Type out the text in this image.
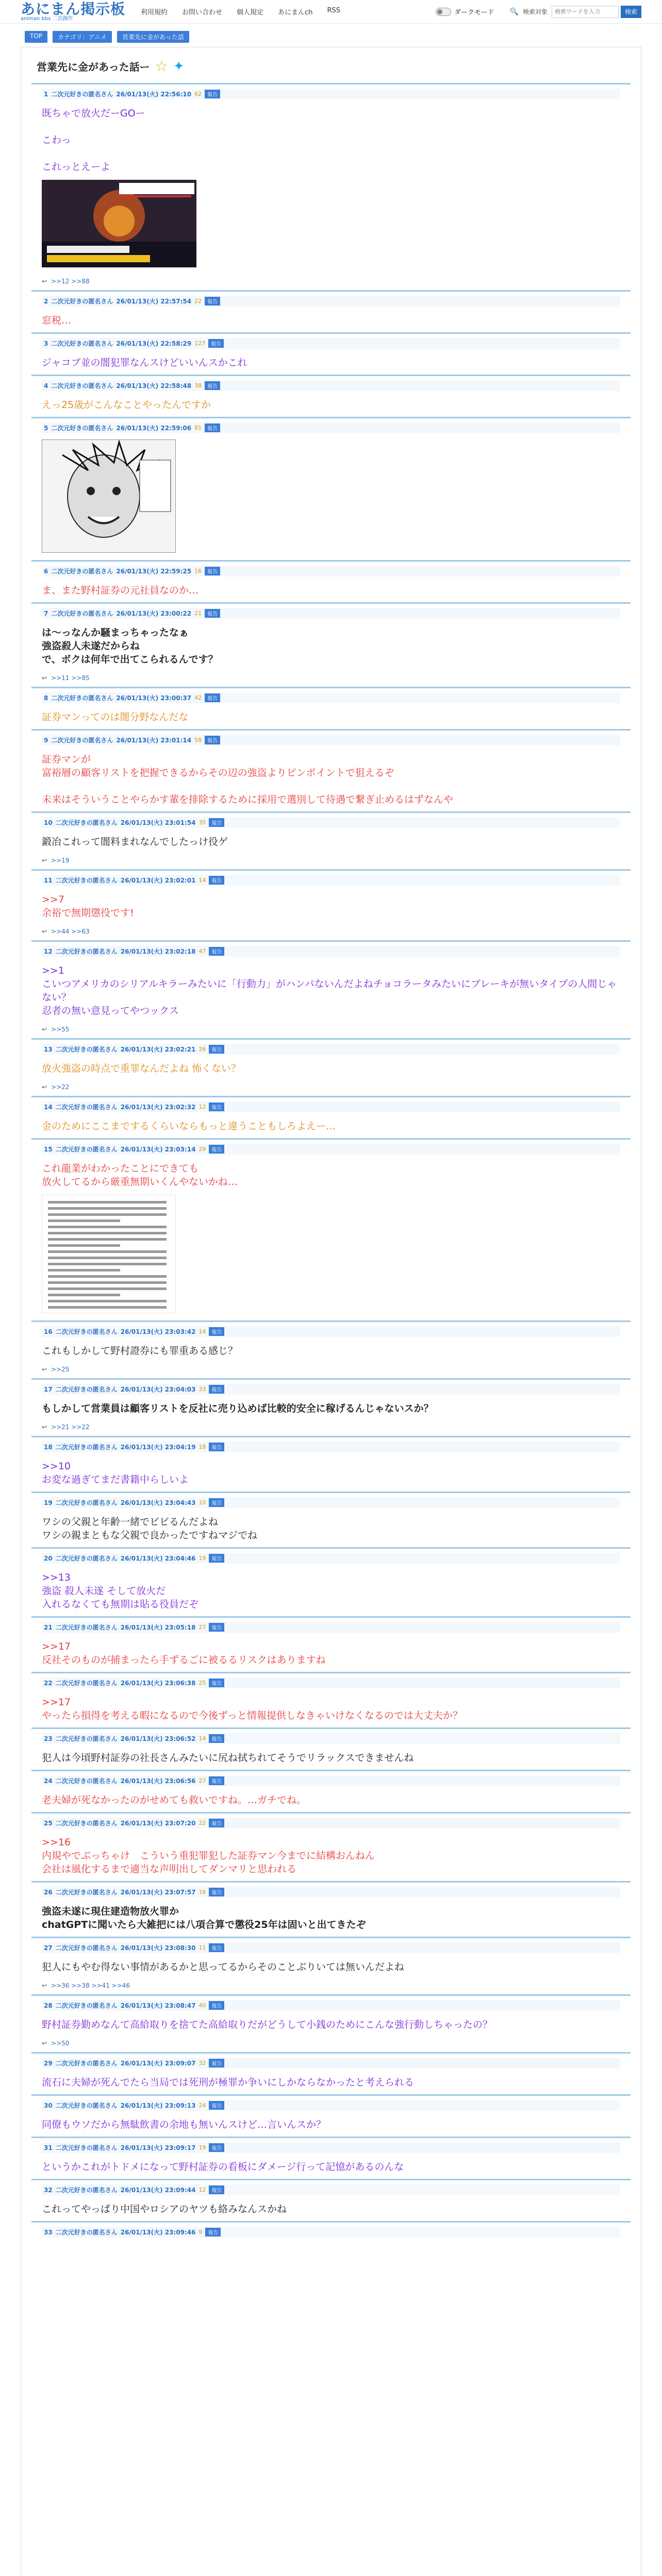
あにまん掲示板
animan bbs 二次創作
利用規約 お問い合わせ 個人規定 あにまんch RSS	ダークモード 🔍 検索対象
検索ワードを入力	検索
TOP	カテゴリ：アニメ	営業先に金があった話
営業先に金があった話ー ☆ ✦
1 二次元好きの匿名さん 26/01/13(火) 22:56:10 62	報告
既ちゃで放火だーGOー

こわっ

これっとえーよ
↩ >>12 >>88
2 二次元好きの匿名さん 26/01/13(火) 22:57:54 22	報告
窓税…
3 二次元好きの匿名さん 26/01/13(火) 22:58:29 127	報告
ジャコブ並の闇犯罪なんスけどいいんスかこれ
4 二次元好きの匿名さん 26/01/13(火) 22:58:48 38	報告
えっ25歳がこんなことやったんですか
5 二次元好きの匿名さん 26/01/13(火) 22:59:06 81	報告
6 二次元好きの匿名さん 26/01/13(火) 22:59:25 16	報告
ま、また野村証券の元社員なのか…
7 二次元好きの匿名さん 26/01/13(火) 23:00:22 21	報告
は～っなんか騒まっちゃったなぁ
強盗殺人未遂だからね
で、ボクは何年で出てこられるんです？
↩ >>11 >>85
8 二次元好きの匿名さん 26/01/13(火) 23:00:37 42	報告
証券マンってのは闇分野なんだな
9 二次元好きの匿名さん 26/01/13(火) 23:01:14 58	報告
証券マンが
富裕層の顧客リストを把握できるからその辺の強盗よりピンポイントで狙えるぞ

未来はそういうことやらかす輩を排除するために採用で選別して待遇で繋ぎ止めるはずなんや
10 二次元好きの匿名さん 26/01/13(火) 23:01:54 35	報告
鍛冶これって闇料まれなんでしたっけ役ゲ
↩ >>19
11 二次元好きの匿名さん 26/01/13(火) 23:02:01 14	報告
>>7
余裕で無期懲役です!
↩ >>44 >>63
12 二次元好きの匿名さん 26/01/13(火) 23:02:18 47	報告
>>1
こいつアメリカのシリアルキラーみたいに「行動力」がハンパないんだよねチョコラータみたいにブレーキが無いタイプの人間じゃない？
忍者の無い意見ってやつックス
↩ >>55
13 二次元好きの匿名さん 26/01/13(火) 23:02:21 26	報告
放火強盗の時点で重罪なんだよね 怖くない？
↩ >>22
14 二次元好きの匿名さん 26/01/13(火) 23:02:32 12	報告
金のためにここまでするくらいならもっと違うこともしろよえー…
15 二次元好きの匿名さん 26/01/13(火) 23:03:14 29	報告
これ龍業がわかったことにできても
放火してるから厳重無期いくんやないかね…
16 二次元好きの匿名さん 26/01/13(火) 23:03:42 14	報告
これもしかして野村證券にも罪重ある感じ？
↩ >>25
17 二次元好きの匿名さん 26/01/13(火) 23:04:03 33	報告
もしかして営業員は顧客リストを反社に売り込めば比較的安全に稼げるんじゃないスか？
↩ >>21 >>22
18 二次元好きの匿名さん 26/01/13(火) 23:04:19 18	報告
>>10
お変な過ぎてまだ書籍中らしいよ
19 二次元好きの匿名さん 26/01/13(火) 23:04:43 10	報告
ワシの父親と年齢一緒でビビるんだよね
ワシの親まともな父親で良かったですねマジでね
20 二次元好きの匿名さん 26/01/13(火) 23:04:46 19	報告
>>13
強盗 殺人未遂 そして放火だ
入れるなくても無期は貼る役員だぞ
21 二次元好きの匿名さん 26/01/13(火) 23:05:18 27	報告
>>17
反社そのものが捕まったら手ずるごに被るるリスクはありますね
22 二次元好きの匿名さん 26/01/13(火) 23:06:38 25	報告
>>17
やったら損得を考える暇になるので今後ずっと情報提供しなきゃいけなくなるのでは大丈夫か？
23 二次元好きの匿名さん 26/01/13(火) 23:06:52 14	報告
犯人は今頃野村証券の社長さんみたいに尻ね拭ちれてそうでリラックスできませんね
24 二次元好きの匿名さん 26/01/13(火) 23:06:56 27	報告
老夫婦が死なかったのがせめても救いですね。…ガチでね。
25 二次元好きの匿名さん 26/01/13(火) 23:07:20 22	報告
>>16
内規やでぶっちゃけ　こういう重犯罪犯した証券マン今までに結構おんねん
会社は風化するまで適当な声明出してダンマリと思われる
26 二次元好きの匿名さん 26/01/13(火) 23:07:57 16	報告
強盗未遂に現住建造物放火罪か
chatGPTに聞いたら大雑把には八項合算で懲役25年は固いと出てきたぞ
27 二次元好きの匿名さん 26/01/13(火) 23:08:30 11	報告
犯人にもやむ得ない事情があるかと思ってるからそのことぶりいては無いんだよね
↩ >>36 >>38 >>41 >>46
28 二次元好きの匿名さん 26/01/13(火) 23:08:47 40	報告
野村証券勤めなんて高給取りを捨てた高給取りだがどうして小銭のためにこんな強行動しちゃったの？
↩ >>50
29 二次元好きの匿名さん 26/01/13(火) 23:09:07 32	報告
流石に夫婦が死んでたら当局では死刑が極罪か争いにしかならなかったと考えられる
30 二次元好きの匿名さん 26/01/13(火) 23:09:13 24	報告
同僚もウソだから無駄飲書の余地も無いんスけど…言いんスか？
31 二次元好きの匿名さん 26/01/13(火) 23:09:17 19	報告
というかこれがトドメになって野村証券の看板にダメージ行って記憶があるのんな
32 二次元好きの匿名さん 26/01/13(火) 23:09:44 12	報告
これってやっぱり中国やロシアのヤツも絡みなんスかね
33 二次元好きの匿名さん 26/01/13(火) 23:09:46 9	報告
